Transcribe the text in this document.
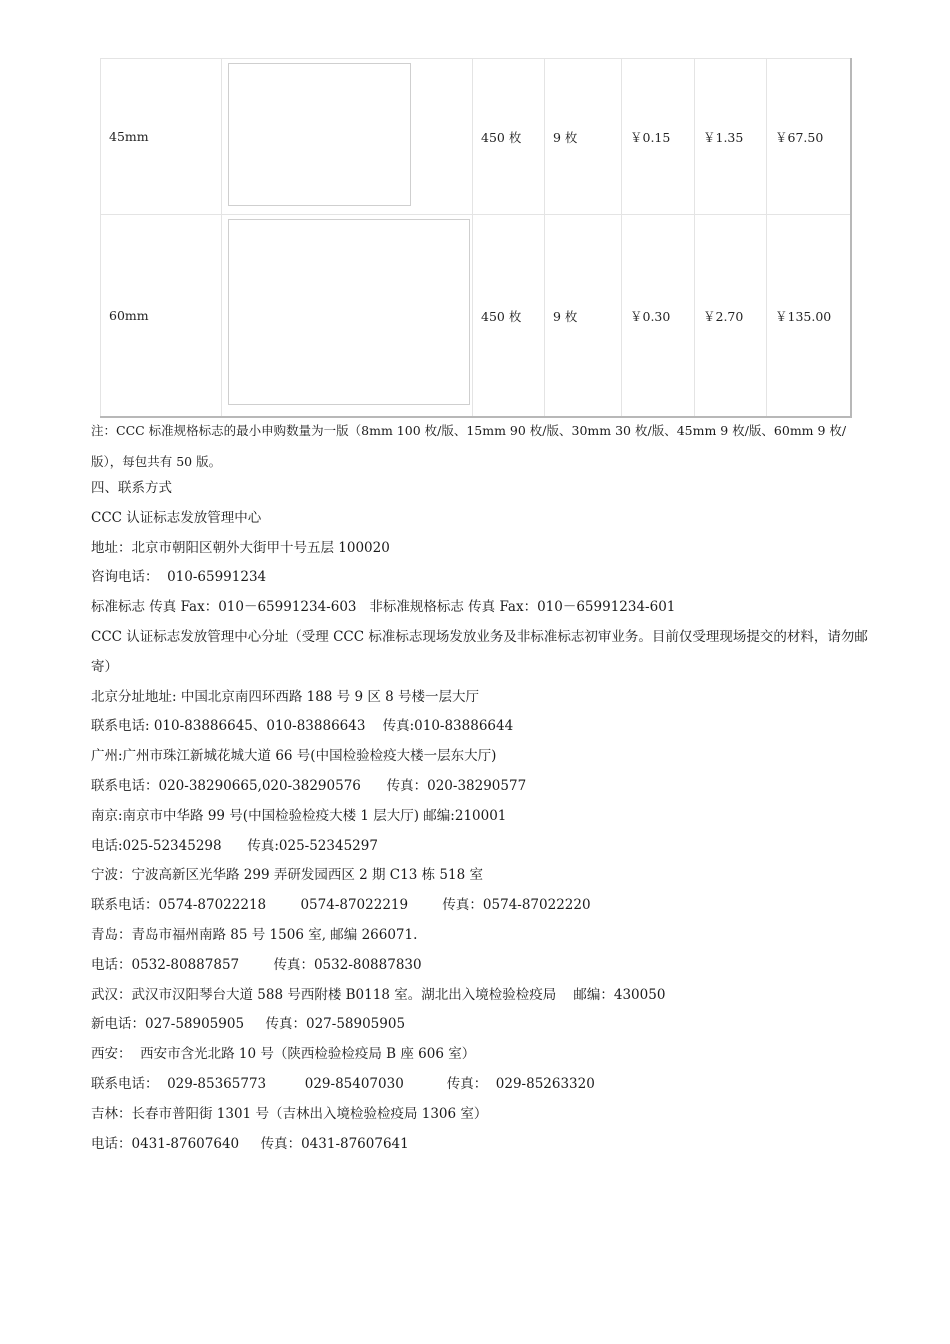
45mm		450 枚	9 枚	￥0.15	￥1.35	￥67.50
60mm		450 枚	9 枚	￥0.30	￥2.70	￥135.00

注：CCC 标准规格标志的最小申购数量为一版（8mm 100 枚/版、15mm 90 枚/版、30mm 30 枚/版、45mm 9 枚/版、60mm 9 枚/版），每包共有 50 版。

四、联系方式

CCC 认证标志发放管理中心

地址：北京市朝阳区朝外大街甲十号五层 100020

咨询电话：  010-65991234

标准标志 传真 Fax：010－65991234-603   非标准规格标志 传真 Fax：010－65991234-601

CCC 认证标志发放管理中心分址（受理 CCC 标准标志现场发放业务及非标准标志初审业务。目前仅受理现场提交的材料，请勿邮寄）

北京分址地址: 中国北京南四环西路 188 号 9 区 8 号楼一层大厅

联系电话: 010-83886645、010-83886643    传真:010-83886644

广州:广州市珠江新城花城大道 66 号(中国检验检疫大楼一层东大厅)

联系电话：020-38290665,020-38290576      传真：020-38290577

南京:南京市中华路 99 号(中国检验检疫大楼 1 层大厅) 邮编:210001

电话:025-52345298      传真:025-52345297

宁波：宁波高新区光华路 299 弄研发园西区 2 期 C13 栋 518 室

联系电话：0574-87022218        0574-87022219        传真：0574-87022220

青岛：青岛市福州南路 85 号 1506 室, 邮编 266071.

电话：0532-80887857        传真：0532-80887830

武汉：武汉市汉阳琴台大道 588 号西附楼 B0118 室。湖北出入境检验检疫局    邮编：430050

新电话：027-58905905     传真：027-58905905

西安：  西安市含光北路 10 号（陕西检验检疫局 B 座 606 室）

联系电话：  029-85365773         029-85407030          传真：  029-85263320

吉林：长春市普阳街 1301 号（吉林出入境检验检疫局 1306 室）

电话：0431-87607640     传真：0431-87607641
